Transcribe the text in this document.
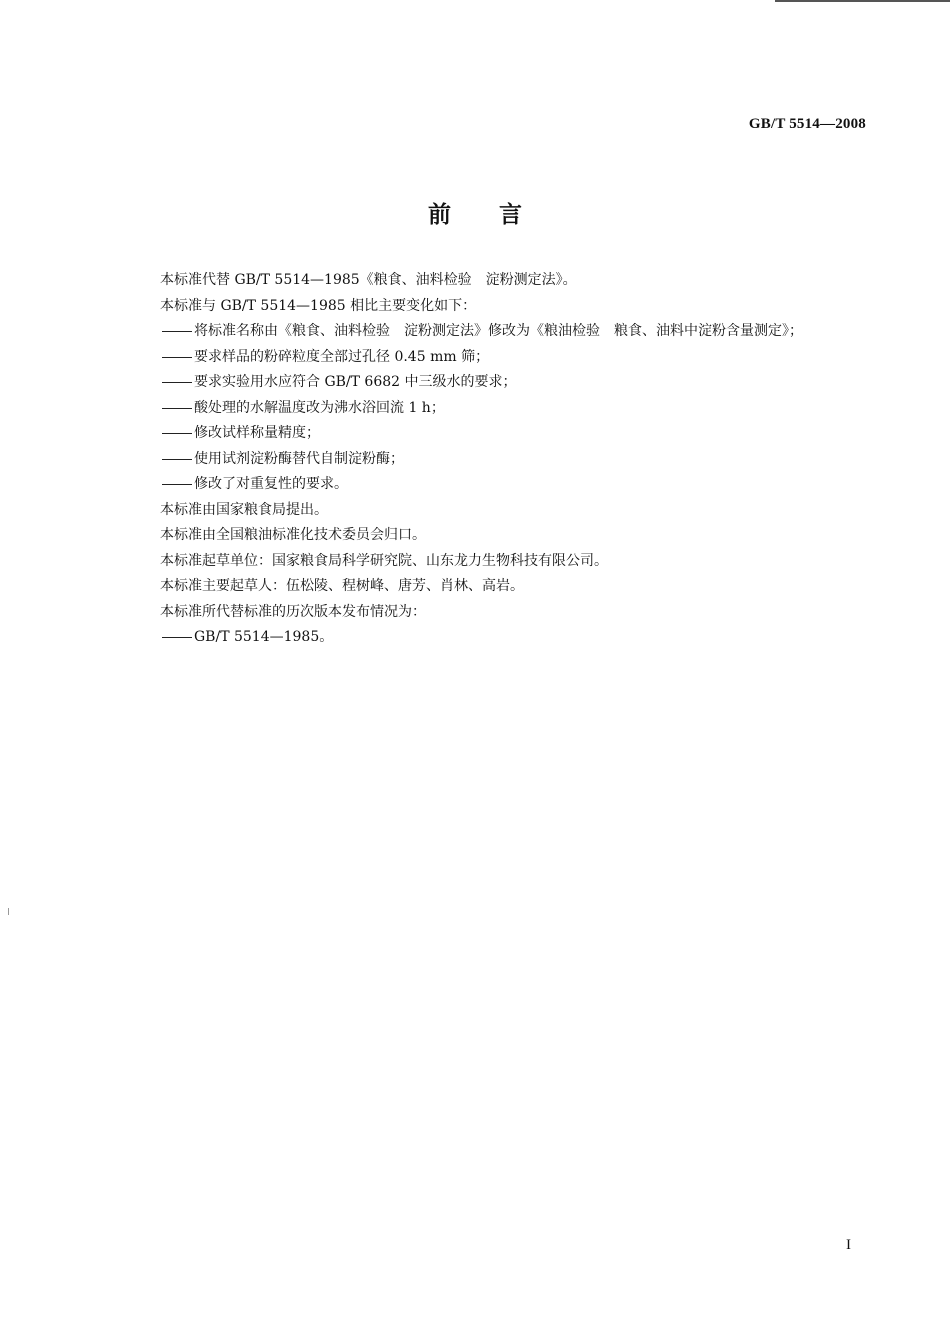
GB/T 5514—2008
前言

本标准代替 GB/T 5514—1985《粮食、油料检验　淀粉测定法》。

本标准与 GB/T 5514—1985 相比主要变化如下：

将标准名称由《粮食、油料检验　淀粉测定法》修改为《粮油检验　粮食、油料中淀粉含量测定》；
要求样品的粉碎粒度全部过孔径 0.45 mm 筛；
要求实验用水应符合 GB/T 6682 中三级水的要求；
酸处理的水解温度改为沸水浴回流 1 h；
修改试样称量精度；
使用试剂淀粉酶替代自制淀粉酶；
修改了对重复性的要求。

本标准由国家粮食局提出。

本标准由全国粮油标准化技术委员会归口。

本标准起草单位：国家粮食局科学研究院、山东龙力生物科技有限公司。

本标准主要起草人：伍松陵、程树峰、唐芳、肖林、高岩。

本标准所代替标准的历次版本发布情况为：

GB/T 5514—1985。
I
